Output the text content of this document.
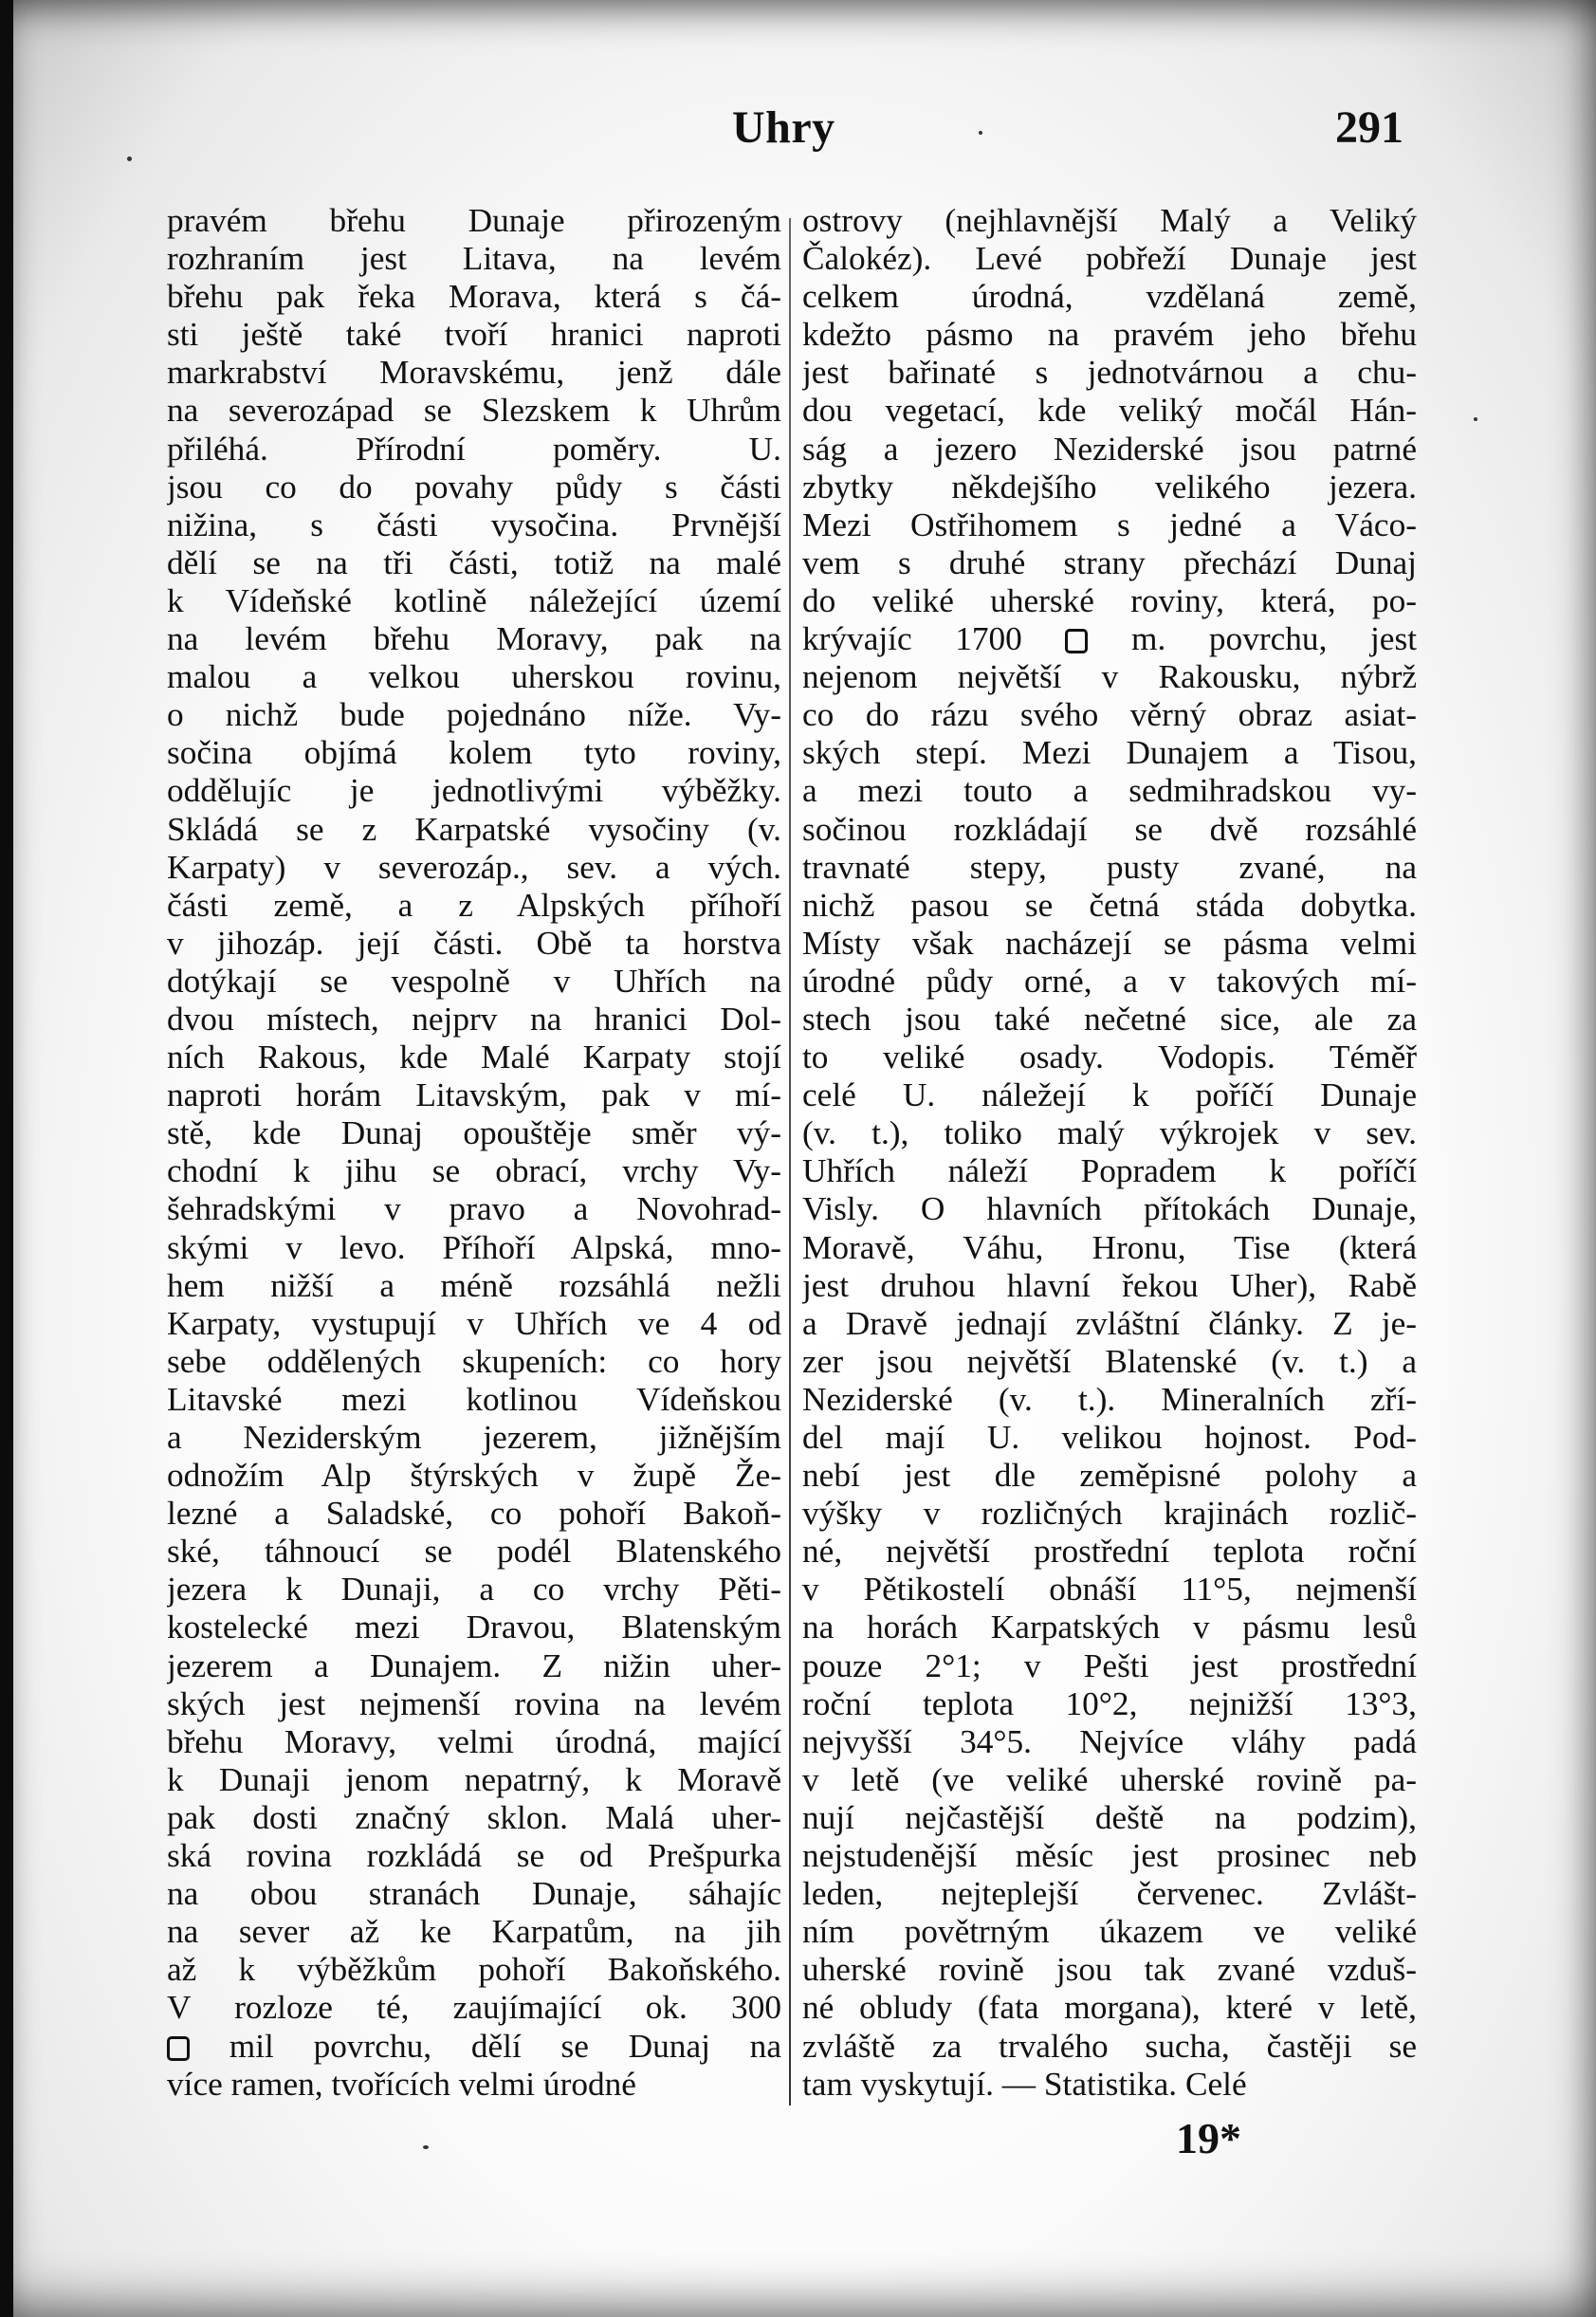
Uhry	291
pravém břehu Dunaje přirozeným
rozhraním jest Litava, na levém
břehu pak řeka Morava, která s čá-
sti ještě také tvoří hranici naproti
markrabství Moravskému, jenž dále
na severozápad se Slezskem k Uhrům
přiléhá. Přírodní poměry. U.
jsou co do povahy půdy s části
nižina, s části vysočina. Prvnější
dělí se na tři části, totiž na malé
k Vídeňské kotlině náležející území
na levém břehu Moravy, pak na
malou a velkou uherskou rovinu,
o nichž bude pojednáno níže. Vy-
sočina objímá kolem tyto roviny,
oddělujíc je jednotlivými výběžky.
Skládá se z Karpatské vysočiny (v.
Karpaty) v severozáp., sev. a vých.
části země, a z Alpských příhoří
v jihozáp. její části. Obě ta horstva
dotýkají se vespolně v Uhřích na
dvou místech, nejprv na hranici Dol-
ních Rakous, kde Malé Karpaty stojí
naproti horám Litavským, pak v mí-
stě, kde Dunaj opouštěje směr vý-
chodní k jihu se obrací, vrchy Vy-
šehradskými v pravo a Novohrad-
skými v levo. Příhoří Alpská, mno-
hem nižší a méně rozsáhlá nežli
Karpaty, vystupují v Uhřích ve 4 od
sebe oddělených skupeních: co hory
Litavské mezi kotlinou Vídeňskou
a Neziderským jezerem, jižnějším
odnožím Alp štýrských v župě Že-
lezné a Saladské, co pohoří Bakoň-
ské, táhnoucí se podél Blatenského
jezera k Dunaji, a co vrchy Pěti-
kostelecké mezi Dravou, Blatenským
jezerem a Dunajem. Z nižin uher-
ských jest nejmenší rovina na levém
břehu Moravy, velmi úrodná, mající
k Dunaji jenom nepatrný, k Moravě
pak dosti značný sklon. Malá uher-
ská rovina rozkládá se od Prešpurka
na obou stranách Dunaje, sáhajíc
na sever až ke Karpatům, na jih
až k výběžkům pohoří Bakoňského.
V rozloze té, zaujímající ok. 300
mil povrchu, dělí se Dunaj na
více ramen, tvořících velmi úrodné
ostrovy (nejhlavnější Malý a Veliký
Čalokéz). Levé pobřeží Dunaje jest
celkem úrodná, vzdělaná země,
kdežto pásmo na pravém jeho břehu
jest bařinaté s jednotvárnou a chu-
dou vegetací, kde veliký močál Hán-
ság a jezero Neziderské jsou patrné
zbytky někdejšího velikého jezera.
Mezi Ostřihomem s jedné a Váco-
vem s druhé strany přechází Dunaj
do veliké uherské roviny, která, po-
krývajíc 1700  m. povrchu, jest
nejenom největší v Rakousku, nýbrž
co do rázu svého věrný obraz asiat-
ských stepí. Mezi Dunajem a Tisou,
a mezi touto a sedmihradskou vy-
sočinou rozkládají se dvě rozsáhlé
travnaté stepy, pusty zvané, na
nichž pasou se četná stáda dobytka.
Místy však nacházejí se pásma velmi
úrodné půdy orné, a v takových mí-
stech jsou také nečetné sice, ale za
to veliké osady. Vodopis. Téměř
celé U. náležejí k poříčí Dunaje
(v. t.), toliko malý výkrojek v sev.
Uhřích náleží Popradem k poříčí
Visly. O hlavních přítokách Dunaje,
Moravě, Váhu, Hronu, Tise (která
jest druhou hlavní řekou Uher), Rabě
a Dravě jednají zvláštní články. Z je-
zer jsou největší Blatenské (v. t.) a
Neziderské (v. t.). Mineralních zří-
del mají U. velikou hojnost. Pod-
nebí jest dle zeměpisné polohy a
výšky v rozličných krajinách rozlič-
né, největší prostřední teplota roční
v Pětikostelí obnáší 11°5, nejmenší
na horách Karpatských v pásmu lesů
pouze 2°1; v Pešti jest prostřední
roční teplota 10°2, nejnižší 13°3,
nejvyšší 34°5. Nejvíce vláhy padá
v letě (ve veliké uherské rovině pa-
nují nejčastější deště na podzim),
nejstudenější měsíc jest prosinec neb
leden, nejteplejší červenec. Zvlášt-
ním povětrným úkazem ve veliké
uherské rovině jsou tak zvané vzduš-
né obludy (fata morgana), které v letě,
zvláště za trvalého sucha, častěji se
tam vyskytují. — Statistika. Celé
19*
